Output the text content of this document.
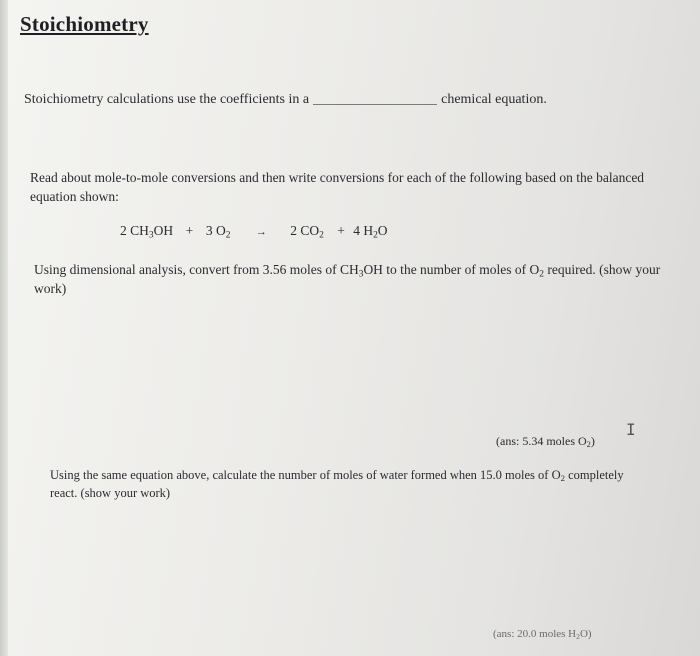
Stoichiometry
Stoichiometry calculations use the coefficients in a	chemical equation.
Read about mole-to-mole conversions and then write conversions for each of the following based on the balanced equation shown:
2 $CH_3OH + 3$ $O_2 \to 2$ $CO_2 + 4$ $H_2O$
Using dimensional analysis, convert from 3.56 moles of $CH_3OH$ to the number of moles of $O_2$ required. (show your work)
I
(ans: 5.34 moles $O_2$)
Using the same equation above, calculate the number of moles of water formed when 15.0 moles of $O_2$ completely react. (show your work)
(ans: 20.0 moles $H_2O$)
